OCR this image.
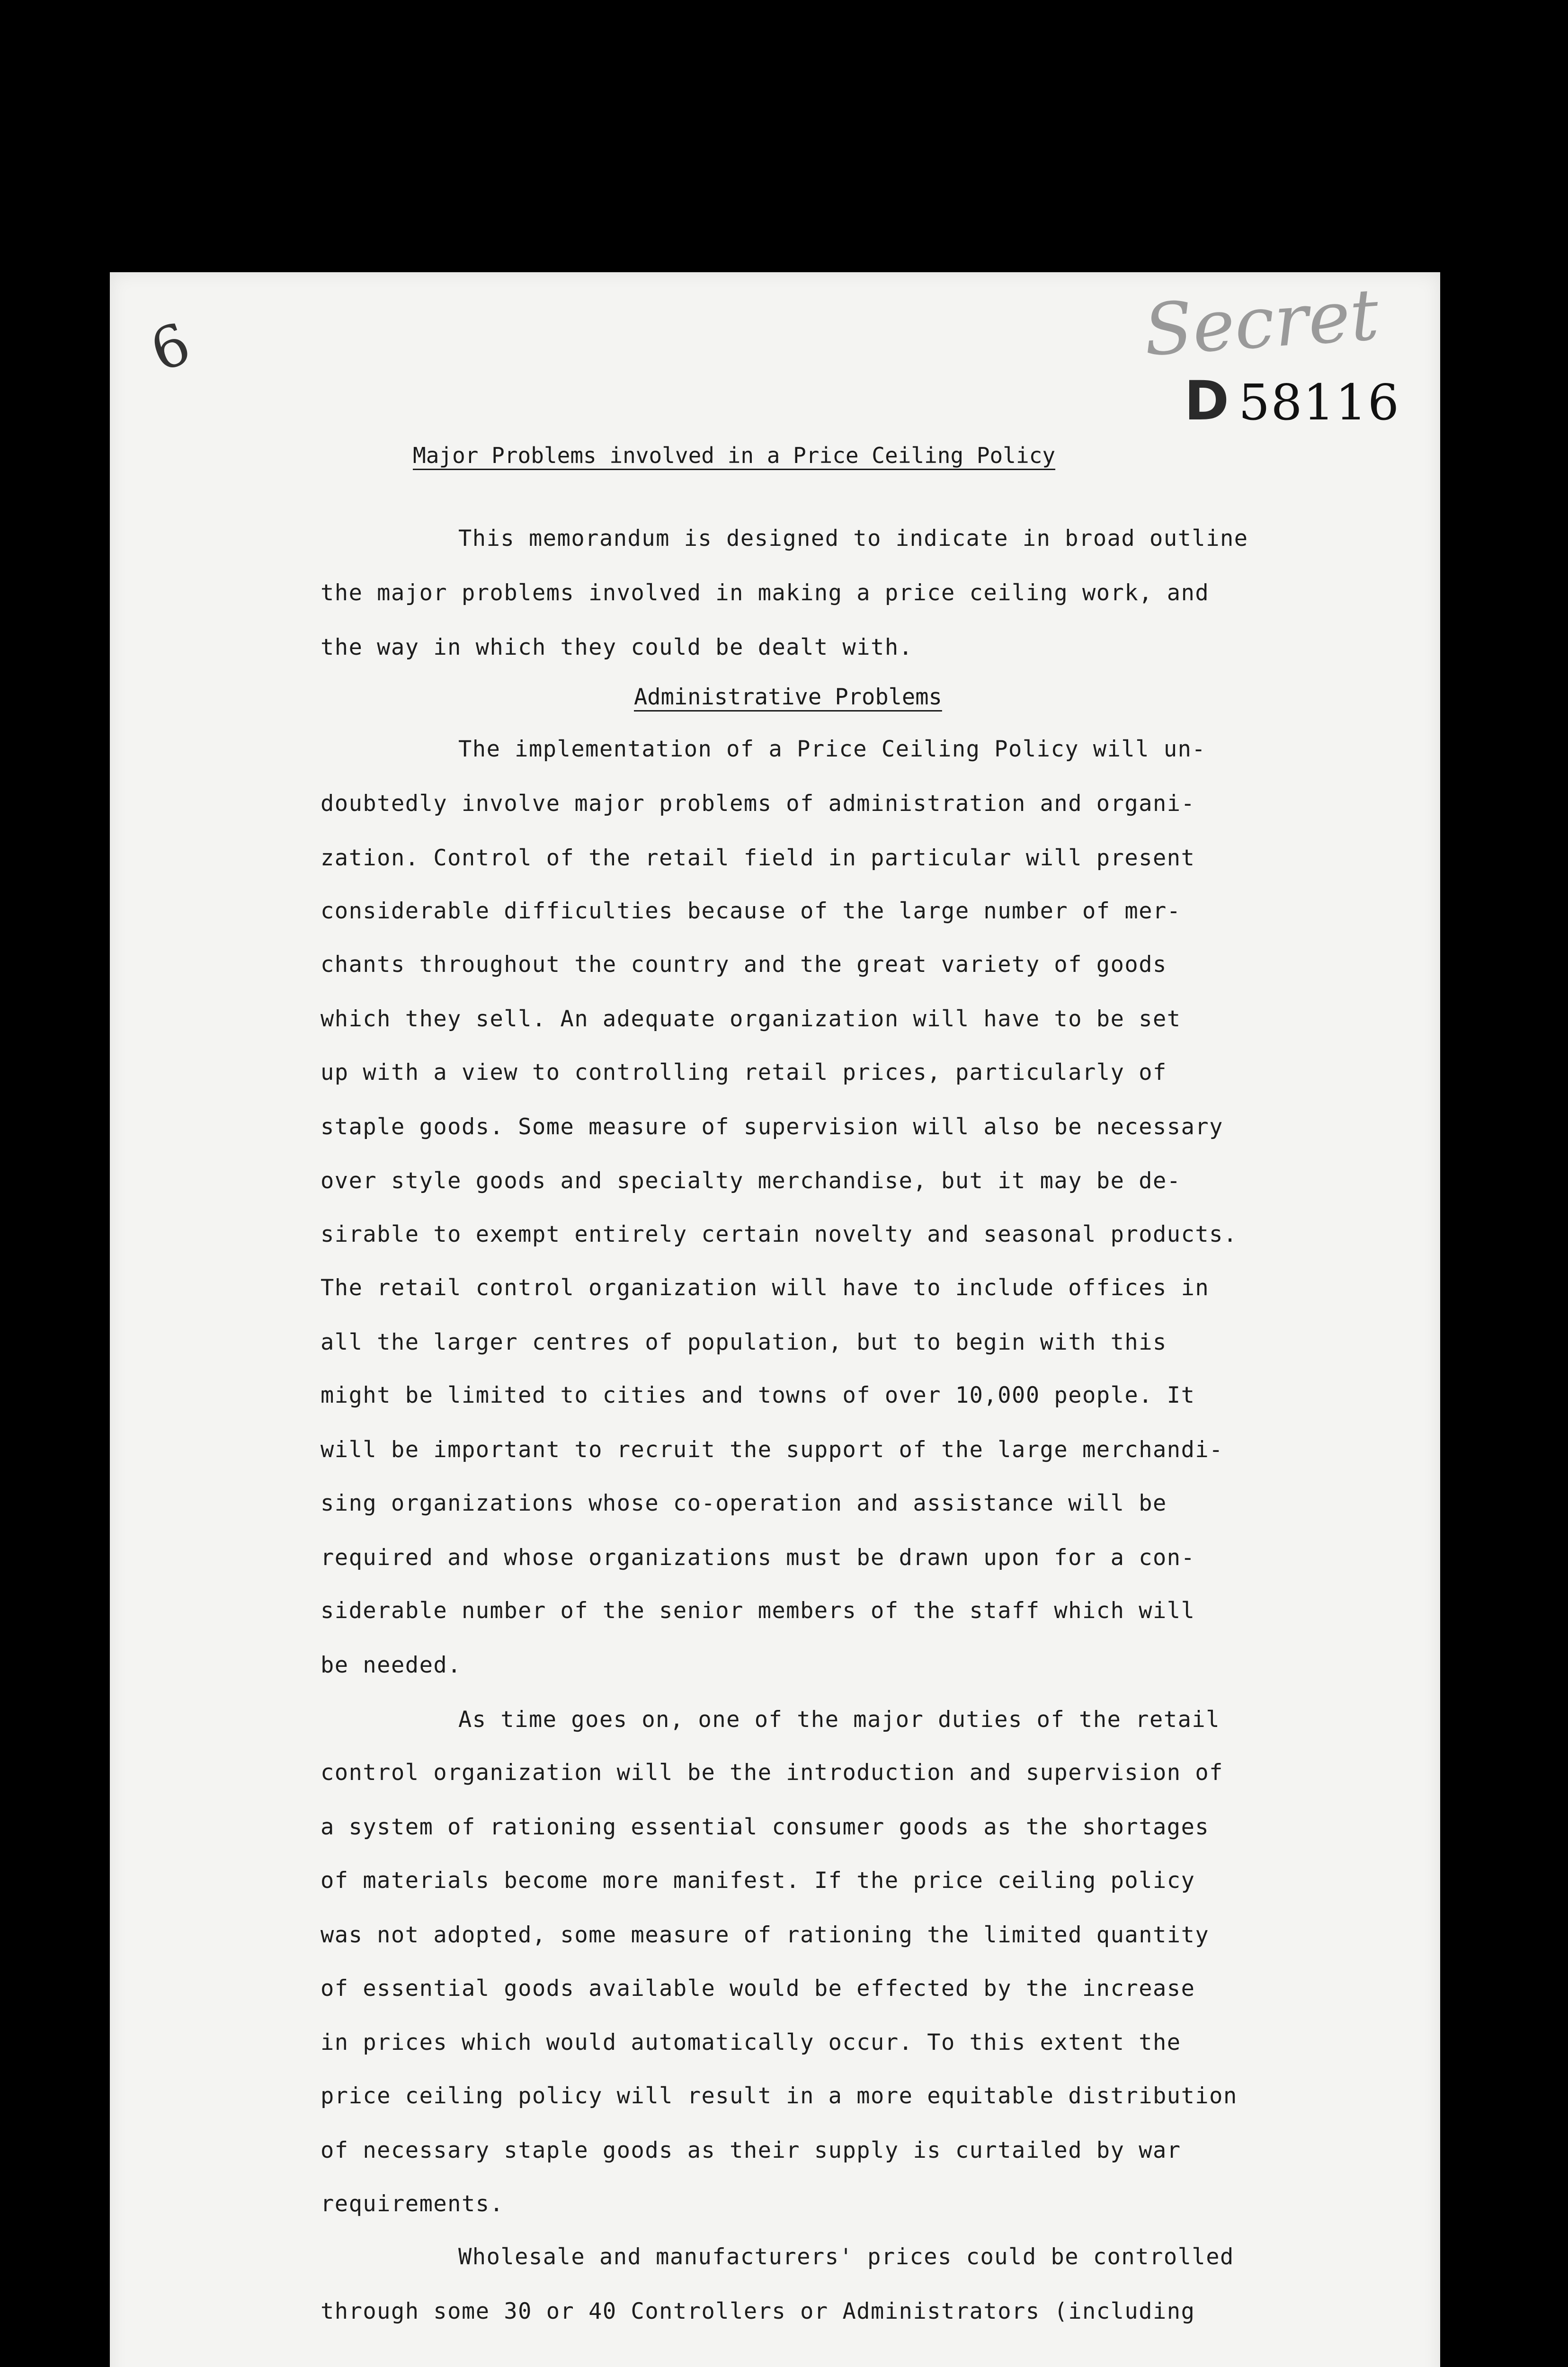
6	Secret
D 58116
Major Problems involved in a Price Ceiling Policy
This memorandum is designed to indicate in broad outline
the major problems involved in making a price ceiling work, and
the way in which they could be dealt with.
Administrative Problems
The implementation of a Price Ceiling Policy will un-
doubtedly involve major problems of administration and organi-
zation. Control of the retail field in particular will present
considerable difficulties because of the large number of mer-
chants throughout the country and the great variety of goods
which they sell. An adequate organization will have to be set
up with a view to controlling retail prices, particularly of
staple goods. Some measure of supervision will also be necessary
over style goods and specialty merchandise, but it may be de-
sirable to exempt entirely certain novelty and seasonal products.
The retail control organization will have to include offices in
all the larger centres of population, but to begin with this
might be limited to cities and towns of over 10,000 people. It
will be important to recruit the support of the large merchandi-
sing organizations whose co-operation and assistance will be
required and whose organizations must be drawn upon for a con-
siderable number of the senior members of the staff which will
be needed.
As time goes on, one of the major duties of the retail
control organization will be the introduction and supervision of
a system of rationing essential consumer goods as the shortages
of materials become more manifest. If the price ceiling policy
was not adopted, some measure of rationing the limited quantity
of essential goods available would be effected by the increase
in prices which would automatically occur. To this extent the
price ceiling policy will result in a more equitable distribution
of necessary staple goods as their supply is curtailed by war
requirements.
Wholesale and manufacturers' prices could be controlled
through some 30 or 40 Controllers or Administrators (including
